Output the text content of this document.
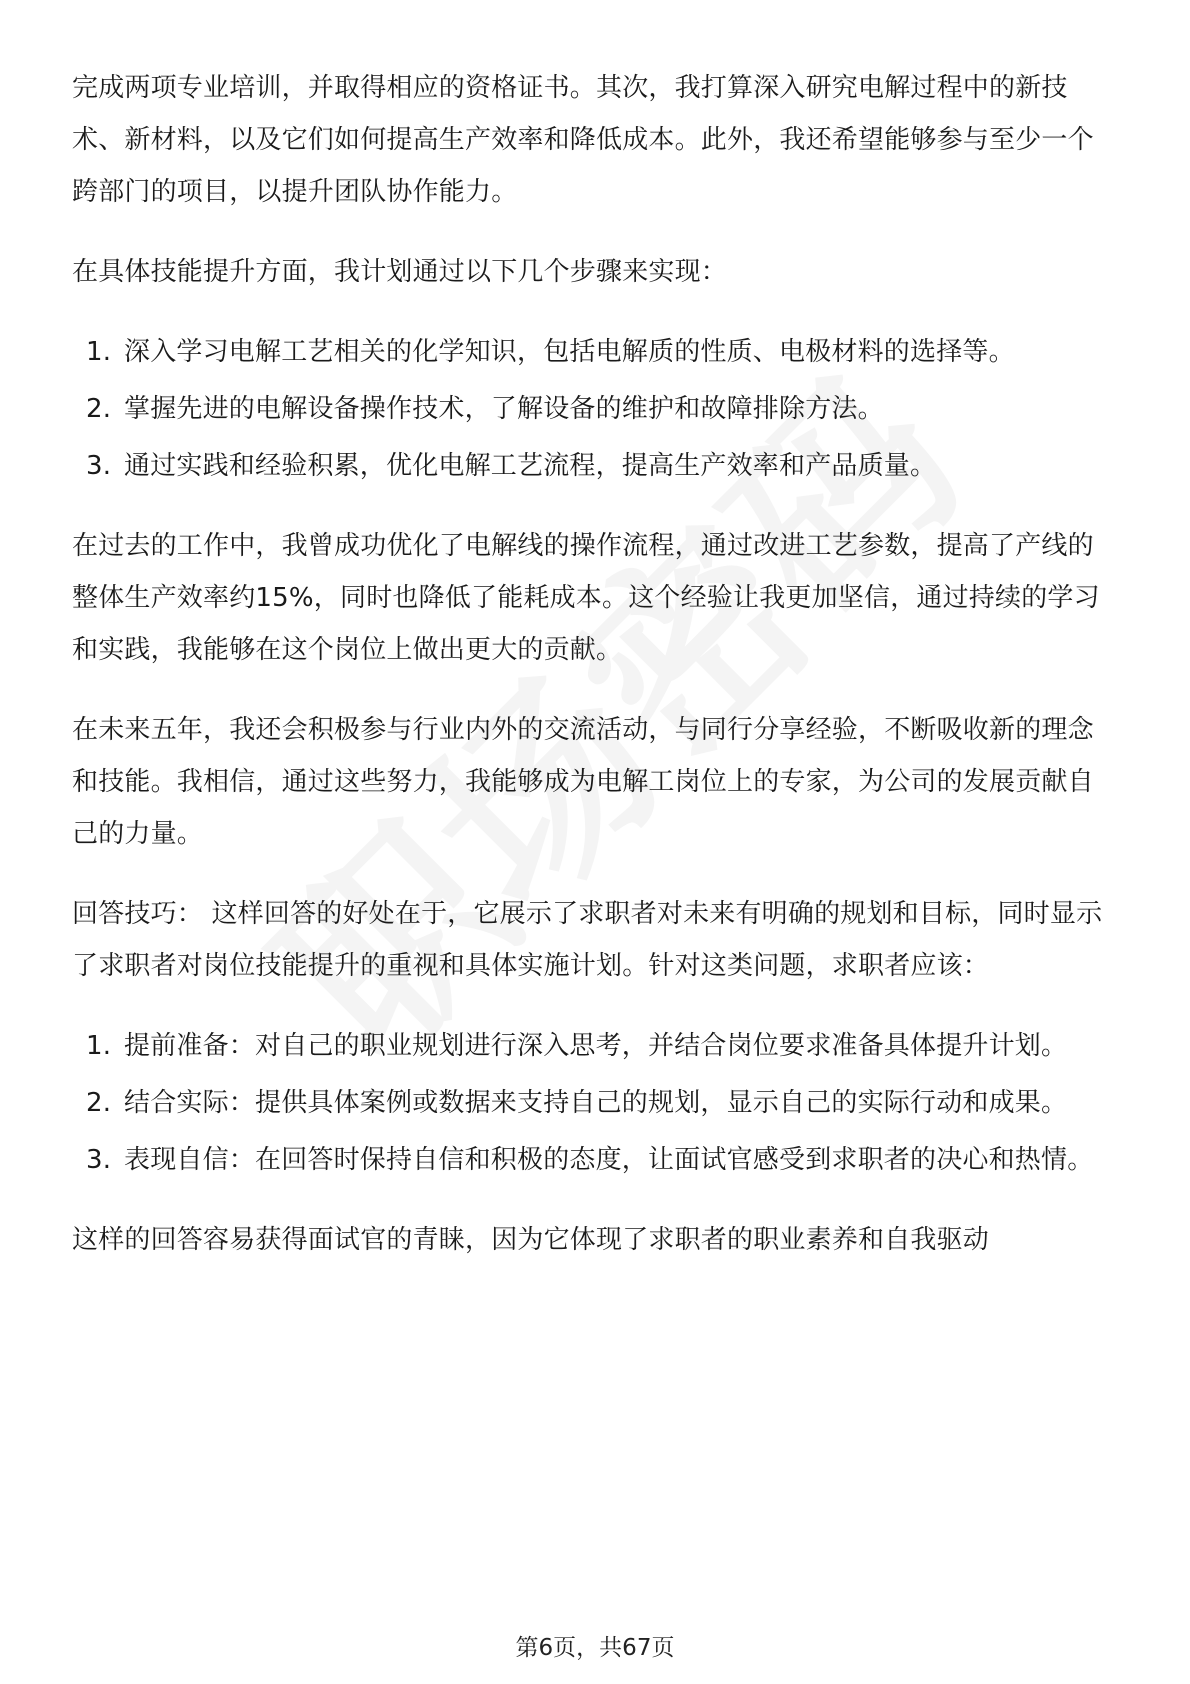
完成两项专业培训，并取得相应的资格证书。其次，我打算深入研究电解过程中的新技术、新材料，以及它们如何提高生产效率和降低成本。此外，我还希望能够参与至少一个跨部门的项目，以提升团队协作能力。

在具体技能提升方面，我计划通过以下几个步骤来实现：

1. 深入学习电解工艺相关的化学知识，包括电解质的性质、电极材料的选择等。
2. 掌握先进的电解设备操作技术，了解设备的维护和故障排除方法。
3. 通过实践和经验积累，优化电解工艺流程，提高生产效率和产品质量。

在过去的工作中，我曾成功优化了电解线的操作流程，通过改进工艺参数，提高了产线的整体生产效率约15%，同时也降低了能耗成本。这个经验让我更加坚信，通过持续的学习和实践，我能够在这个岗位上做出更大的贡献。

在未来五年，我还会积极参与行业内外的交流活动，与同行分享经验，不断吸收新的理念和技能。我相信，通过这些努力，我能够成为电解工岗位上的专家，为公司的发展贡献自己的力量。

回答技巧： 这样回答的好处在于，它展示了求职者对未来有明确的规划和目标，同时显示了求职者对岗位技能提升的重视和具体实施计划。针对这类问题，求职者应该：

1. 提前准备：对自己的职业规划进行深入思考，并结合岗位要求准备具体提升计划。
2. 结合实际：提供具体案例或数据来支持自己的规划，显示自己的实际行动和成果。
3. 表现自信：在回答时保持自信和积极的态度，让面试官感受到求职者的决心和热情。

这样的回答容易获得面试官的青睐，因为它体现了求职者的职业素养和自我驱动

第6页，共67页
